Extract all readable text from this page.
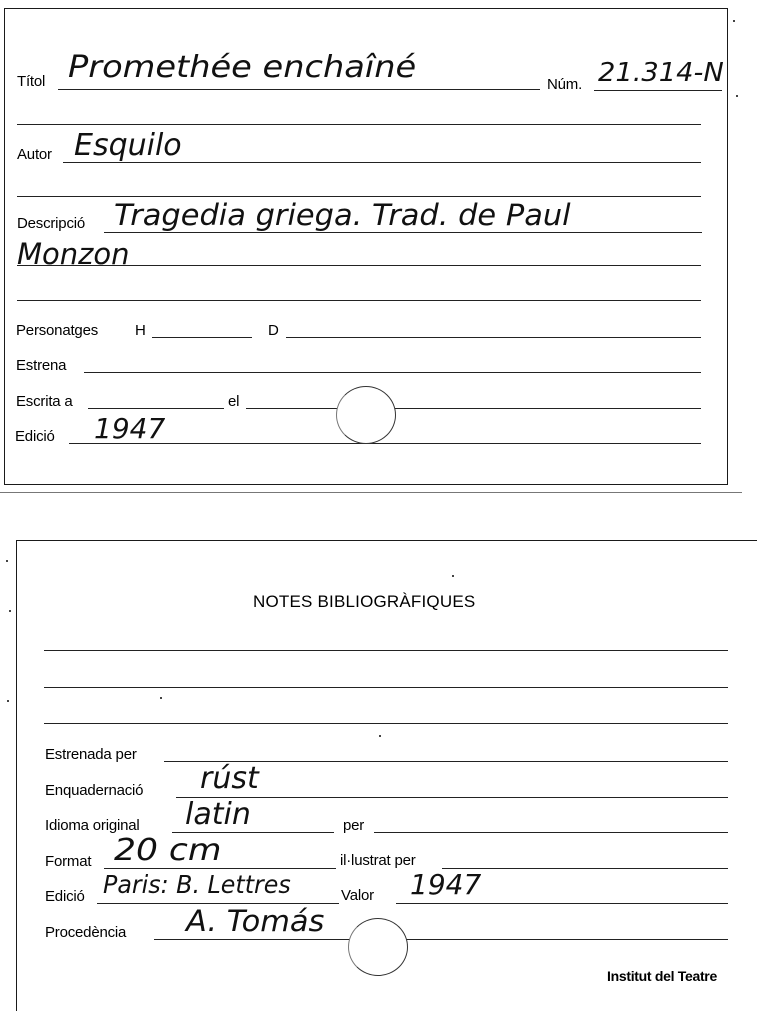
Títol Promethée enchaîné	Núm. 21.314-N
Autor Esquilo
Descripció Tragedia griega. Trad. de Paul
Monzon
Personatges H	D
Estrena
Escrita a	el
Edició 1947
NOTES BIBLIOGRÀFIQUES
Estrenada per
Enquadernació rúst
Idioma original latin	per
Format 20 cm	il·lustrat per
Edició Paris: B. Lettres	Valor 1947
Procedència A. Tomás
Institut del Teatre
